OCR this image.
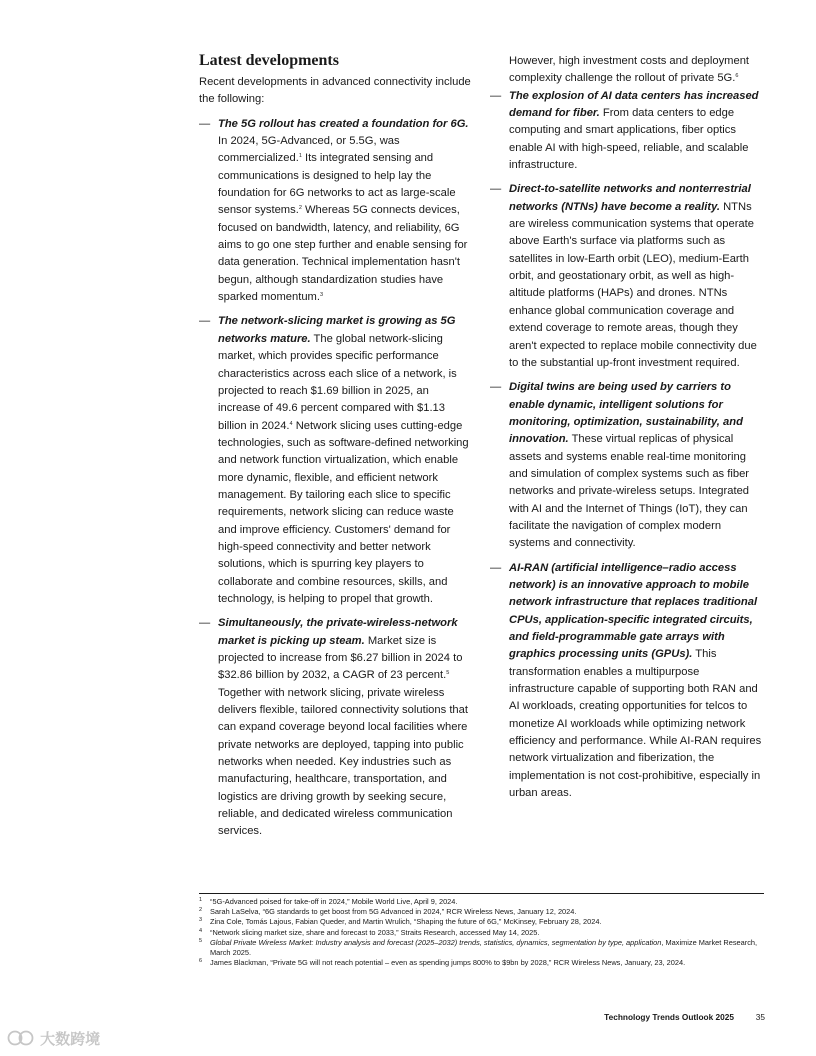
Latest developments

Recent developments in advanced connectivity include the following:

— The 5G rollout has created a foundation for 6G. In 2024, 5G-Advanced, or 5.5G, was commercialized.$^1$ Its integrated sensing and communications is designed to help lay the foundation for 6G networks to act as large-scale sensor systems.$^2$ Whereas 5G connects devices, focused on bandwidth, latency, and reliability, 6G aims to go one step further and enable sensing for data generation. Technical implementation hasn't begun, although standardization studies have sparked momentum.$^3$

— The network-slicing market is growing as 5G networks mature. The global network-slicing market, which provides specific performance characteristics across each slice of a network, is projected to reach $1.69 billion in 2025, an increase of 49.6 percent compared with $1.13 billion in 2024.$^4$ Network slicing uses cutting-edge technologies, such as software-defined networking and network function virtualization, which enable more dynamic, flexible, and efficient network management. By tailoring each slice to specific requirements, network slicing can reduce waste and improve efficiency. Customers' demand for high-speed connectivity and better network solutions, which is spurring key players to collaborate and combine resources, skills, and technology, is helping to propel that growth.

— Simultaneously, the private-wireless-network market is picking up steam. Market size is projected to increase from $6.27 billion in 2024 to $32.86 billion by 2032, a CAGR of 23 percent.$^5$ Together with network slicing, private wireless delivers flexible, tailored connectivity solutions that can expand coverage beyond local facilities where private networks are deployed, tapping into public networks when needed. Key industries such as manufacturing, healthcare, transportation, and logistics are driving growth by seeking secure, reliable, and dedicated wireless communication services.

However, high investment costs and deployment complexity challenge the rollout of private 5G.$^6$

— The explosion of AI data centers has increased demand for fiber. From data centers to edge computing and smart applications, fiber optics enable AI with high-speed, reliable, and scalable infrastructure.

— Direct-to-satellite networks and nonterrestrial networks (NTNs) have become a reality. NTNs are wireless communication systems that operate above Earth's surface via platforms such as satellites in low-Earth orbit (LEO), medium-Earth orbit, and geostationary orbit, as well as high-altitude platforms (HAPs) and drones. NTNs enhance global communication coverage and extend coverage to remote areas, though they aren't expected to replace mobile connectivity due to the substantial up-front investment required.

— Digital twins are being used by carriers to enable dynamic, intelligent solutions for monitoring, optimization, sustainability, and innovation. These virtual replicas of physical assets and systems enable real-time monitoring and simulation of complex systems such as fiber networks and private-wireless setups. Integrated with AI and the Internet of Things (IoT), they can facilitate the navigation of complex modern systems and connectivity.

— AI-RAN (artificial intelligence–radio access network) is an innovative approach to mobile network infrastructure that replaces traditional CPUs, application-specific integrated circuits, and field-programmable gate arrays with graphics processing units (GPUs). This transformation enables a multipurpose infrastructure capable of supporting both RAN and AI workloads, creating opportunities for telcos to monetize AI workloads while optimizing network efficiency and performance. While AI-RAN requires network virtualization and fiberization, the implementation is not cost-prohibitive, especially in urban areas.

1 “5G-Advanced poised for take-off in 2024,” Mobile World Live, April 9, 2024.
2 Sarah LaSelva, “6G standards to get boost from 5G Advanced in 2024,” RCR Wireless News, January 12, 2024.
3 Zina Cole, Tomás Lajous, Fabian Queder, and Martin Wrulich, “Shaping the future of 6G,” McKinsey, February 28, 2024.
4 “Network slicing market size, share and forecast to 2033,” Straits Research, accessed May 14, 2025.
5 Global Private Wireless Market: Industry analysis and forecast (2025–2032) trends, statistics, dynamics, segmentation by type, application, Maximize Market Research, March 2025.
6 James Blackman, “Private 5G will not reach potential – even as spending jumps 800% to $9bn by 2028,” RCR Wireless News, January, 23, 2024.
Technology Trends Outlook 2025	35
大数跨境
